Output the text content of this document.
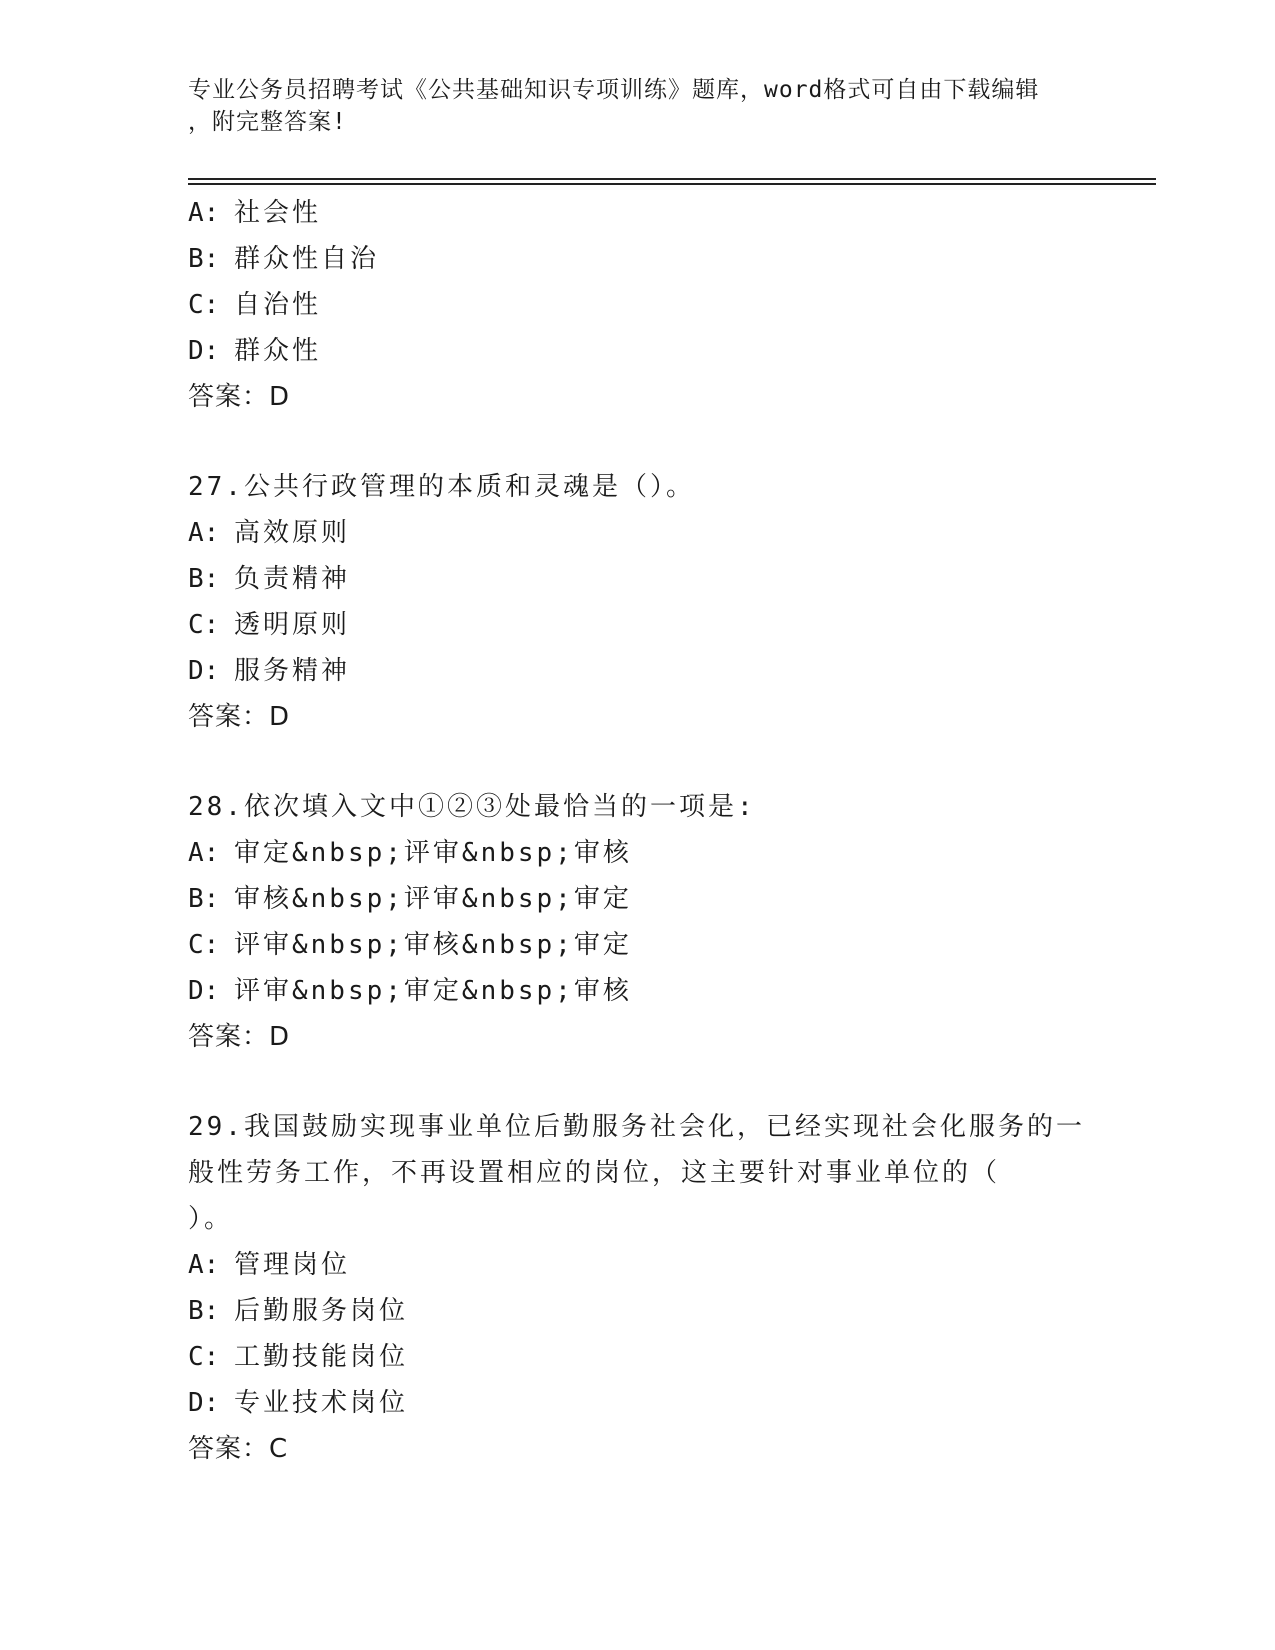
专业公务员招聘考试《公共基础知识专项训练》题库，word格式可自由下载编辑
，附完整答案!
A: 社会性
B: 群众性自治
C: 自治性
D: 群众性
答案：D
27.公共行政管理的本质和灵魂是（）。
A: 高效原则
B: 负责精神
C: 透明原则
D: 服务精神
答案：D
28.依次填入文中①②③处最恰当的一项是:
A: 审定&nbsp;评审&nbsp;审核
B: 审核&nbsp;评审&nbsp;审定
C: 评审&nbsp;审核&nbsp;审定
D: 评审&nbsp;审定&nbsp;审核
答案：D
29.我国鼓励实现事业单位后勤服务社会化，已经实现社会化服务的一
般性劳务工作，不再设置相应的岗位，这主要针对事业单位的（
）。
A: 管理岗位
B: 后勤服务岗位
C: 工勤技能岗位
D: 专业技术岗位
答案：C
